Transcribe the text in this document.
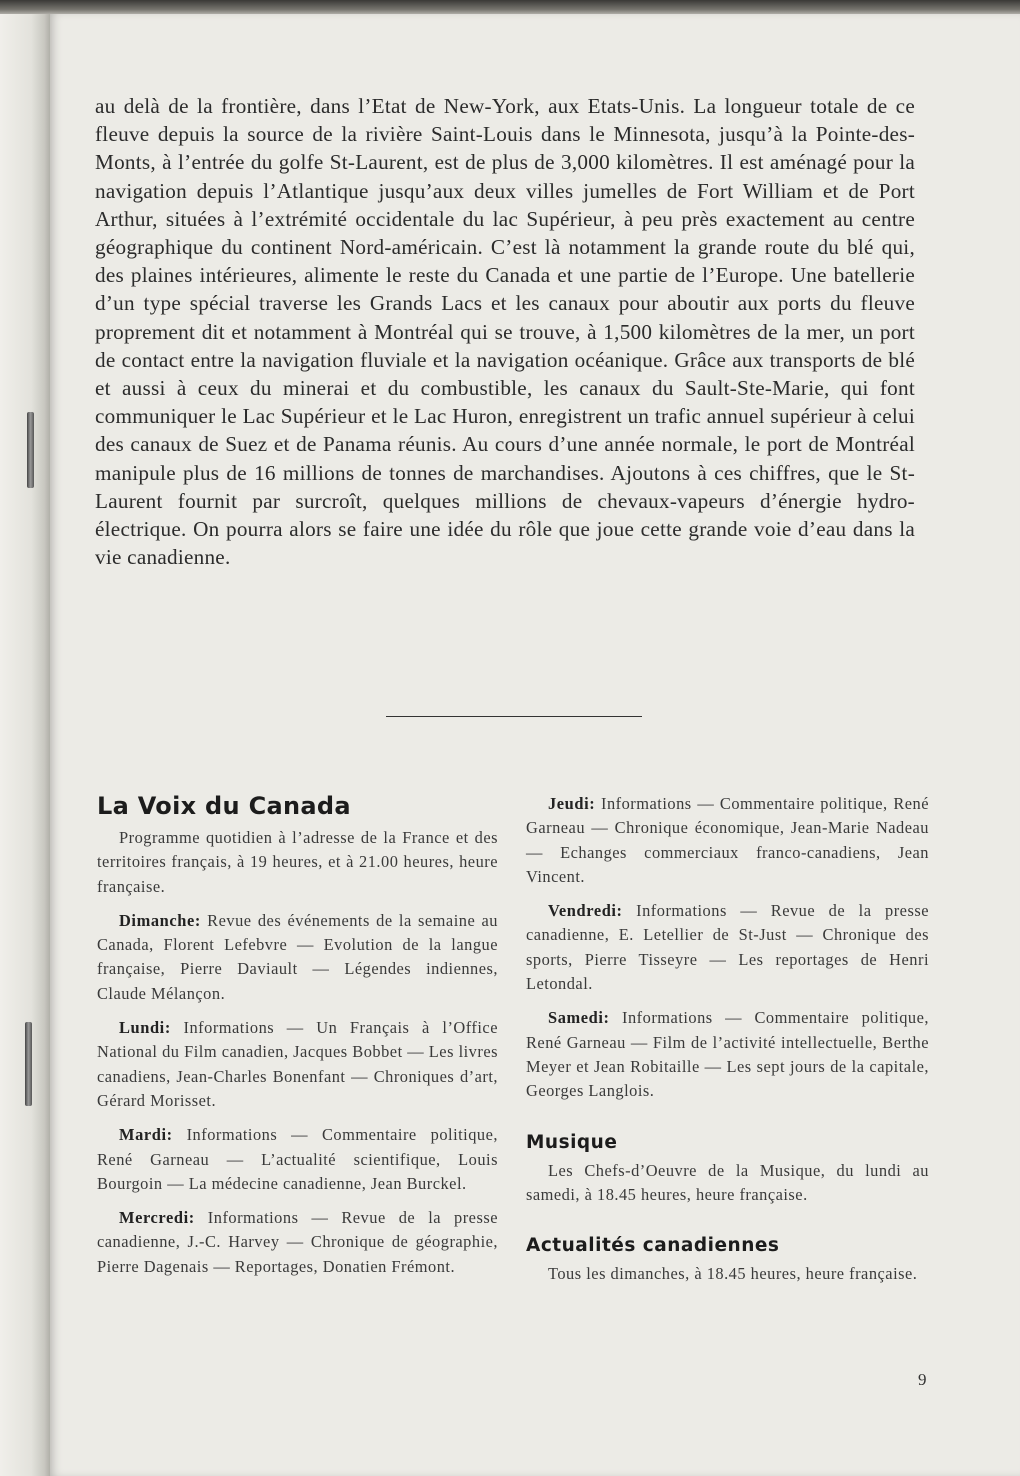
au delà de la frontière, dans l’Etat de New-York, aux Etats-Unis. La longueur totale de ce fleuve depuis la source de la rivière Saint-Louis dans le Minnesota, jusqu’à la Pointe-des-Monts, à l’entrée du golfe St-Laurent, est de plus de 3,000 kilomètres. Il est aménagé pour la navigation depuis l’Atlantique jusqu’aux deux villes jumelles de Fort William et de Port Arthur, situées à l’extrémité occidentale du lac Supérieur, à peu près exactement au centre géographique du continent Nord-américain. C’est là notamment la grande route du blé qui, des plaines intérieures, alimente le reste du Canada et une partie de l’Europe. Une batellerie d’un type spécial traverse les Grands Lacs et les canaux pour aboutir aux ports du fleuve proprement dit et notamment à Montréal qui se trouve, à 1,500 kilomètres de la mer, un port de contact entre la navigation fluviale et la navigation océanique. Grâce aux transports de blé et aussi à ceux du minerai et du combustible, les canaux du Sault-Ste-Marie, qui font communiquer le Lac Supérieur et le Lac Huron, enregistrent un trafic annuel supérieur à celui des canaux de Suez et de Panama réunis. Au cours d’une année normale, le port de Montréal manipule plus de 16 millions de tonnes de marchandises. Ajoutons à ces chiffres, que le St-Laurent fournit par surcroît, quelques millions de chevaux-vapeurs d’énergie hydro-électrique. On pourra alors se faire une idée du rôle que joue cette grande voie d’eau dans la vie canadienne.

La Voix du Canada

Programme quotidien à l’adresse de la France et des territoires français, à 19 heures, et à 21.00 heures, heure française.

Dimanche: Revue des événements de la semaine au Canada, Florent Lefebvre — Evolution de la langue française, Pierre Daviault — Légendes indiennes, Claude Mélançon.

Lundi: Informations — Un Français à l’Office National du Film canadien, Jacques Bobbet — Les livres canadiens, Jean-Charles Bonenfant — Chroniques d’art, Gérard Morisset.

Mardi: Informations — Commentaire politique, René Garneau — L’actualité scientifique, Louis Bourgoin — La médecine canadienne, Jean Burckel.

Mercredi: Informations — Revue de la presse canadienne, J.-C. Harvey — Chronique de géographie, Pierre Dagenais — Reportages, Donatien Frémont.

Jeudi: Informations — Commentaire politique, René Garneau — Chronique économique, Jean-Marie Nadeau — Echanges commerciaux franco-canadiens, Jean Vincent.

Vendredi: Informations — Revue de la presse canadienne, E. Letellier de St-Just — Chronique des sports, Pierre Tisseyre — Les reportages de Henri Letondal.

Samedi: Informations — Commentaire politique, René Garneau — Film de l’activité intellectuelle, Berthe Meyer et Jean Robitaille — Les sept jours de la capitale, Georges Langlois.

Musique

Les Chefs-d’Oeuvre de la Musique, du lundi au samedi, à 18.45 heures, heure française.

Actualités canadiennes

Tous les dimanches, à 18.45 heures, heure française.

9
